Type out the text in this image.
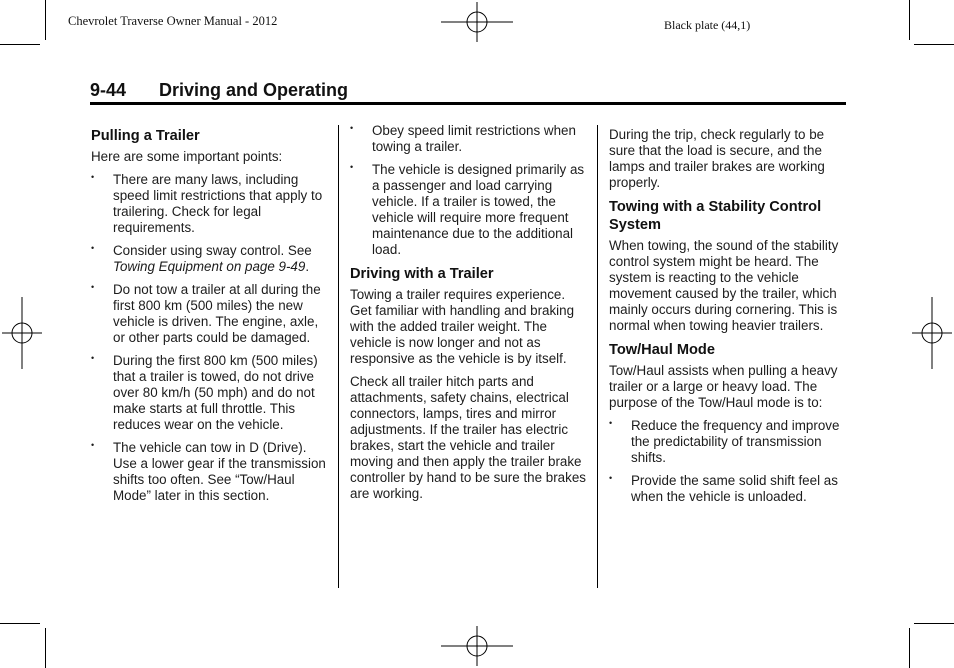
Chevrolet Traverse Owner Manual - 2012	Black plate (44,1)
9-44 Driving and Operating
Pulling a Trailer

Here are some important points:

• There are many laws, including speed limit restrictions that apply to trailering. Check for legal requirements.
• Consider using sway control. See Towing Equipment on page 9-49.
• Do not tow a trailer at all during the first 800 km (500 miles) the new vehicle is driven. The engine, axle, or other parts could be damaged.
• During the first 800 km (500 miles) that a trailer is towed, do not drive over 80 km/h (50 mph) and do not make starts at full throttle. This reduces wear on the vehicle.
• The vehicle can tow in D (Drive). Use a lower gear if the transmission shifts too often. See “Tow/Haul Mode” later in this section.
• Obey speed limit restrictions when towing a trailer.
• The vehicle is designed primarily as a passenger and load carrying vehicle. If a trailer is towed, the vehicle will require more frequent maintenance due to the additional load.
Driving with a Trailer

Towing a trailer requires experience. Get familiar with handling and braking with the added trailer weight. The vehicle is now longer and not as responsive as the vehicle is by itself.

Check all trailer hitch parts and attachments, safety chains, electrical connectors, lamps, tires and mirror adjustments. If the trailer has electric brakes, start the vehicle and trailer moving and then apply the trailer brake controller by hand to be sure the brakes are working.

During the trip, check regularly to be sure that the load is secure, and the lamps and trailer brakes are working properly.

Towing with a Stability Control System

When towing, the sound of the stability control system might be heard. The system is reacting to the vehicle movement caused by the trailer, which mainly occurs during cornering. This is normal when towing heavier trailers.

Tow/Haul Mode

Tow/Haul assists when pulling a heavy trailer or a large or heavy load. The purpose of the Tow/Haul mode is to:

• Reduce the frequency and improve the predictability of transmission shifts.
• Provide the same solid shift feel as when the vehicle is unloaded.
